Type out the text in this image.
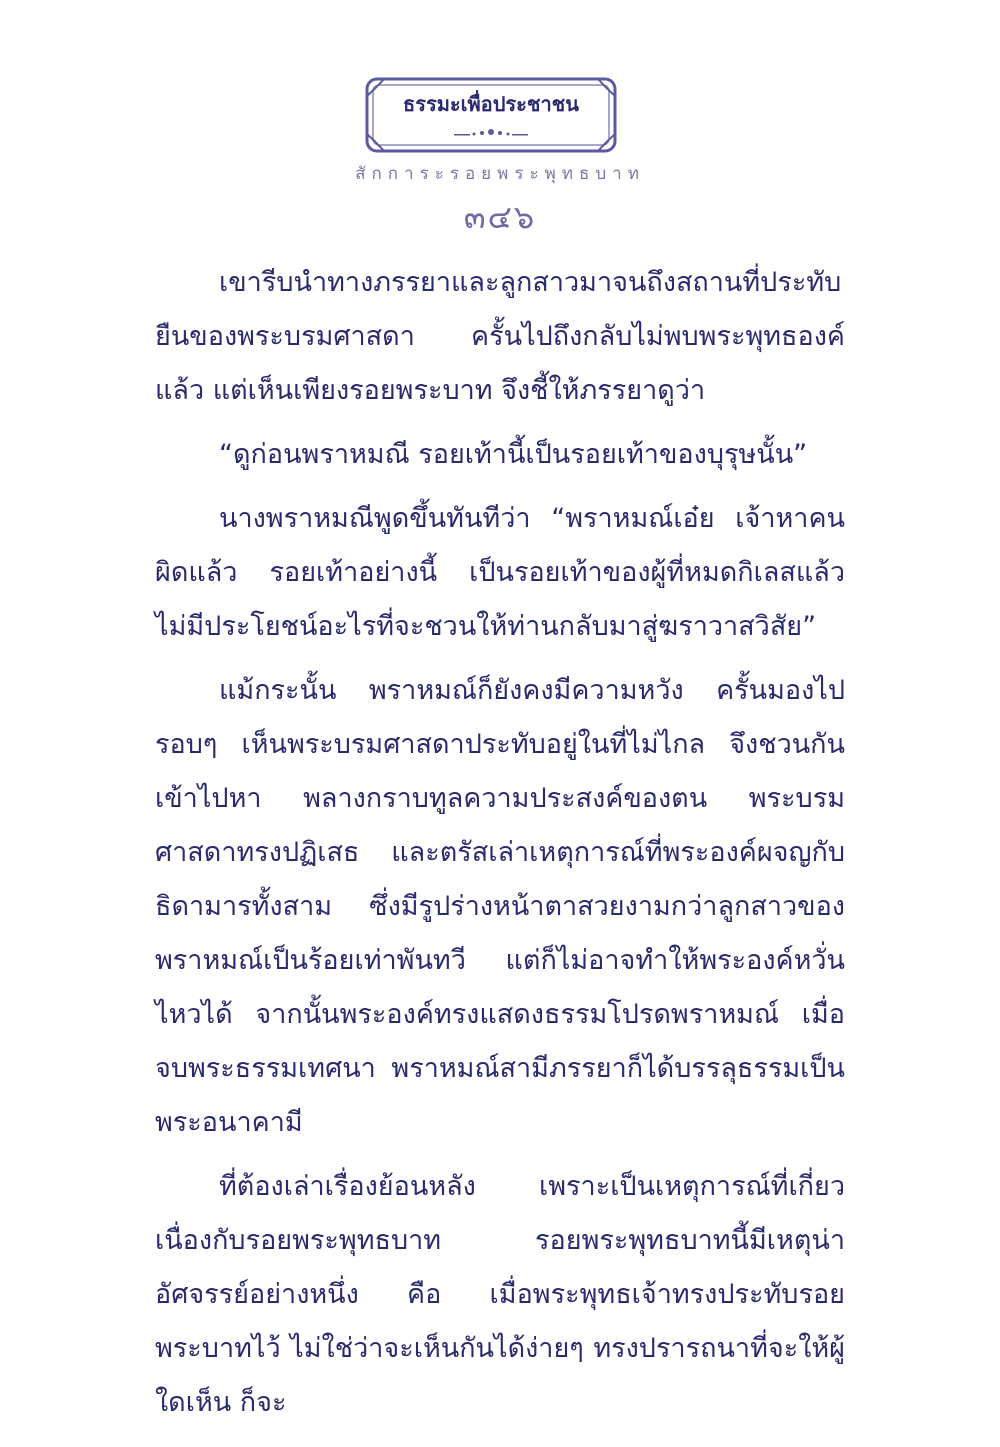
ธรรมะเพื่อประชาชน
สักการะรอยพระพุทธบาท
๓๔๖

เขารีบนำทางภรรยาและลูกสาวมาจนถึงสถานที่ประทับยืนของพระบรมศาสดา ครั้นไปถึงกลับไม่พบพระพุทธองค์แล้ว แต่เห็นเพียงรอยพระบาท จึงชี้ให้ภรรยาดูว่า

“ดูก่อนพราหมณี รอยเท้านี้เป็นรอยเท้าของบุรุษนั้น”

นางพราหมณีพูดขึ้นทันทีว่า “พราหมณ์เอ๋ย เจ้าหาคนผิดแล้ว รอยเท้าอย่างนี้ เป็นรอยเท้าของผู้ที่หมดกิเลสแล้ว ไม่มีประโยชน์อะไรที่จะชวนให้ท่านกลับมาสู่ฆราวาสวิสัย”

แม้กระนั้น พราหมณ์ก็ยังคงมีความหวัง ครั้นมองไปรอบๆ เห็นพระบรมศาสดาประทับอยู่ในที่ไม่ไกล จึงชวนกันเข้าไปหา พลางกราบทูลความประสงค์ของตน พระบรมศาสดาทรงปฏิเสธ และตรัสเล่าเหตุการณ์ที่พระองค์ผจญกับธิดามารทั้งสาม ซึ่งมีรูปร่างหน้าตาสวยงามกว่าลูกสาวของพราหมณ์เป็นร้อยเท่าพันทวี แต่ก็ไม่อาจทำให้พระองค์หวั่นไหวได้ จากนั้นพระองค์ทรงแสดงธรรมโปรดพราหมณ์ เมื่อจบพระธรรมเทศนา พราหมณ์สามีภรรยาก็ได้บรรลุธรรมเป็นพระอนาคามี

ที่ต้องเล่าเรื่องย้อนหลัง เพราะเป็นเหตุการณ์ที่เกี่ยวเนื่องกับรอยพระพุทธบาท รอยพระพุทธบาทนี้มีเหตุน่าอัศจรรย์อย่างหนึ่ง คือ เมื่อพระพุทธเจ้าทรงประทับรอยพระบาทไว้ ไม่ใช่ว่าจะเห็นกันได้ง่ายๆ ทรงปรารถนาที่จะให้ผู้ใดเห็น ก็จะ
